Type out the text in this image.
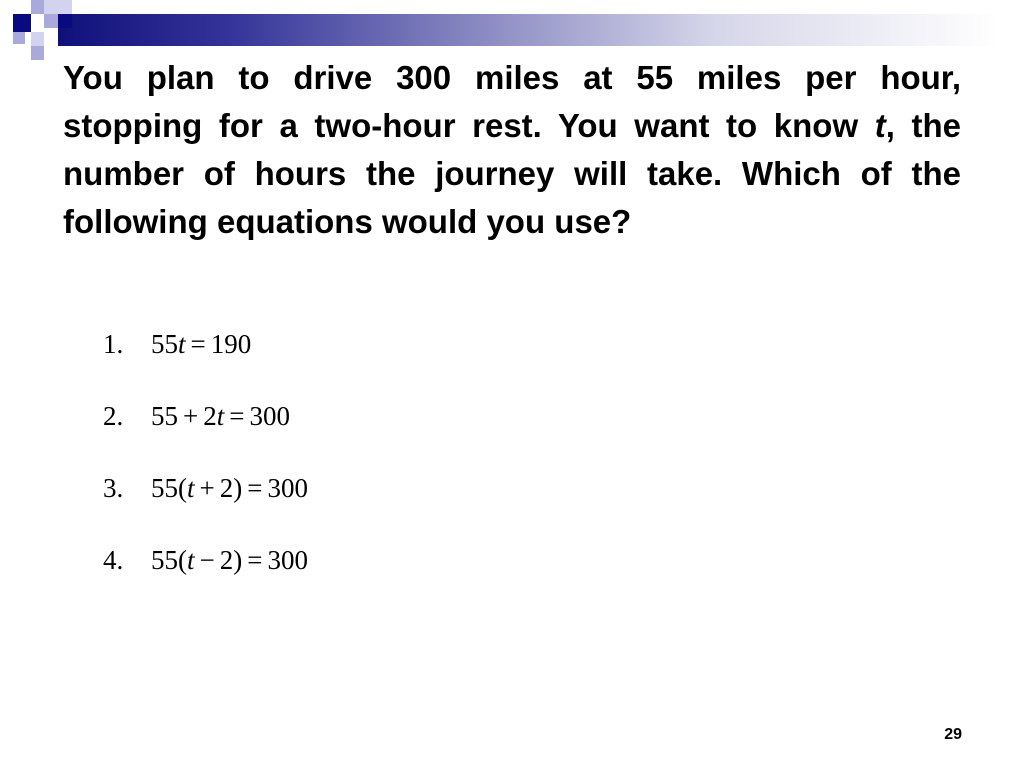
You plan to drive 300 miles at 55 miles per hour, stopping for a two-hour rest. You want to know t, the number of hours the journey will take. Which of the following equations would you use?

1. 55t = 190
2. 55 + 2t = 300
3. 55(t + 2) = 300
4. 55(t − 2) = 300
29
